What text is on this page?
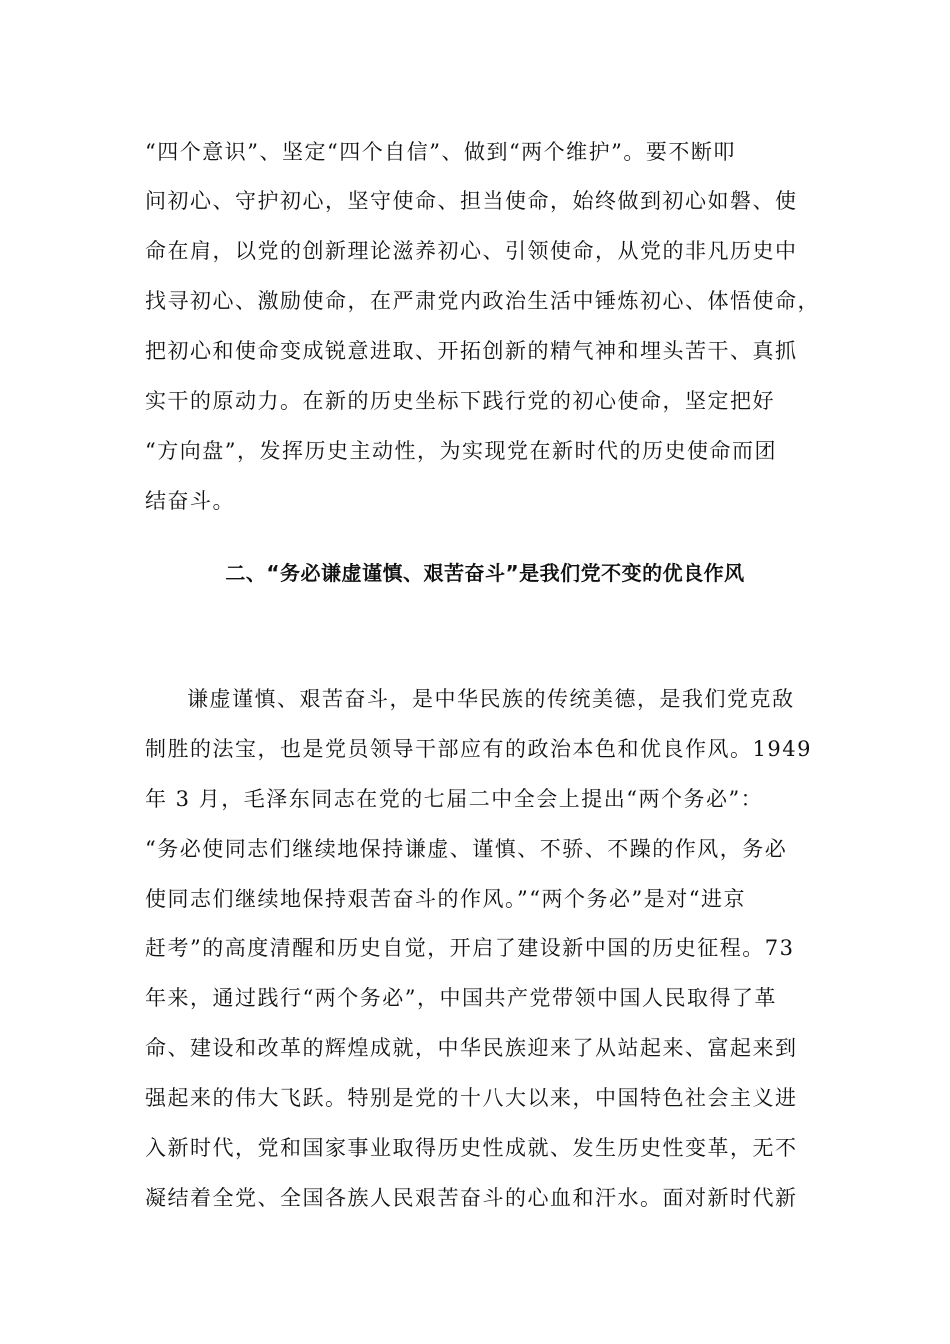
“四个意识”、坚定“四个自信”、做到“两个维护”。要不断叩
问初心、守护初心，坚守使命、担当使命，始终做到初心如磐、使
命在肩，以党的创新理论滋养初心、引领使命，从党的非凡历史中
找寻初心、激励使命，在严肃党内政治生活中锤炼初心、体悟使命，
把初心和使命变成锐意进取、开拓创新的精气神和埋头苦干、真抓
实干的原动力。在新的历史坐标下践行党的初心使命，坚定把好
“方向盘”，发挥历史主动性，为实现党在新时代的历史使命而团
结奋斗。
二、“务必谦虚谨慎、艰苦奋斗”是我们党不变的优良作风
谦虚谨慎、艰苦奋斗，是中华民族的传统美德，是我们党克敌
制胜的法宝，也是党员领导干部应有的政治本色和优良作风。1949
年 3 月，毛泽东同志在党的七届二中全会上提出“两个务必”：
“务必使同志们继续地保持谦虚、谨慎、不骄、不躁的作风，务必
使同志们继续地保持艰苦奋斗的作风。”“两个务必”是对“进京
赶考”的高度清醒和历史自觉，开启了建设新中国的历史征程。73
年来，通过践行“两个务必”，中国共产党带领中国人民取得了革
命、建设和改革的辉煌成就，中华民族迎来了从站起来、富起来到
强起来的伟大飞跃。特别是党的十八大以来，中国特色社会主义进
入新时代，党和国家事业取得历史性成就、发生历史性变革，无不
凝结着全党、全国各族人民艰苦奋斗的心血和汗水。面对新时代新
